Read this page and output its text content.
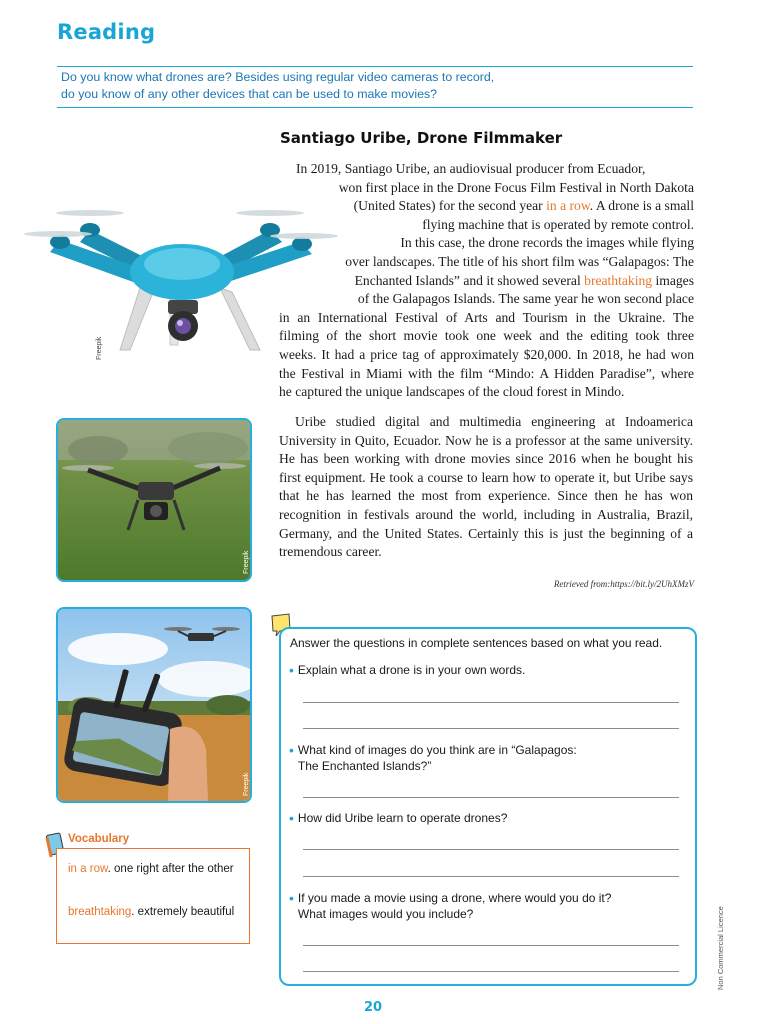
Reading

Do you know what drones are? Besides using regular video cameras to record,

do you know of any other devices that can be used to make movies?

Freepik
Santiago Uribe, Drone Filmmaker
In 2019, Santiago Uribe, an audiovisual producer from Ecuador,
won first place in the Drone Focus Film Festival in North Dakota
(United States) for the second year in a row. A drone is a small
flying machine that is operated by remote control.
In this case, the drone records the images while flying
over landscapes. The title of his short film was “Galapagos: The
Enchanted Islands” and it showed several breathtaking images
of the Galapagos Islands. The same year he won second place
in an International Festival of Arts and Tourism in the Ukraine. The
filming of the short movie took one week and the editing took three
weeks. It had a price tag of approximately $20,000. In 2018, he had won
the Festival in Miami with the film “Mindo: A Hidden Paradise”, where
he captured the unique landscapes of the cloud forest in Mindo.
Freepik
Uribe studied digital and multimedia engineering at Indoamerica University in Quito, Ecuador. Now he is a professor at the same university. He has been working with drone movies since 2016 when he bought his first equipment. He took a course to learn how to operate it, but Uribe says that he has learned the most from experience. Since then he has won recognition in festivals around the world, including in Australia, Brazil, Germany, and the United States. Certainly this is just the beginning of a tremendous career.
Retrieved from:https://bit.ly/2UhXMzV
Freepik
Vocabulary
in a row. one right after the other
breathtaking. extremely beautiful
Answer the questions in complete sentences based on what you read.
• Explain what a drone is in your own words.
• What kind of images do you think are in “Galapagos:
The Enchanted Islands?”
• How did Uribe learn to operate drones?
• If you made a movie using a drone, where would you do it?
What images would you include?
20
Non Commercial Licence
